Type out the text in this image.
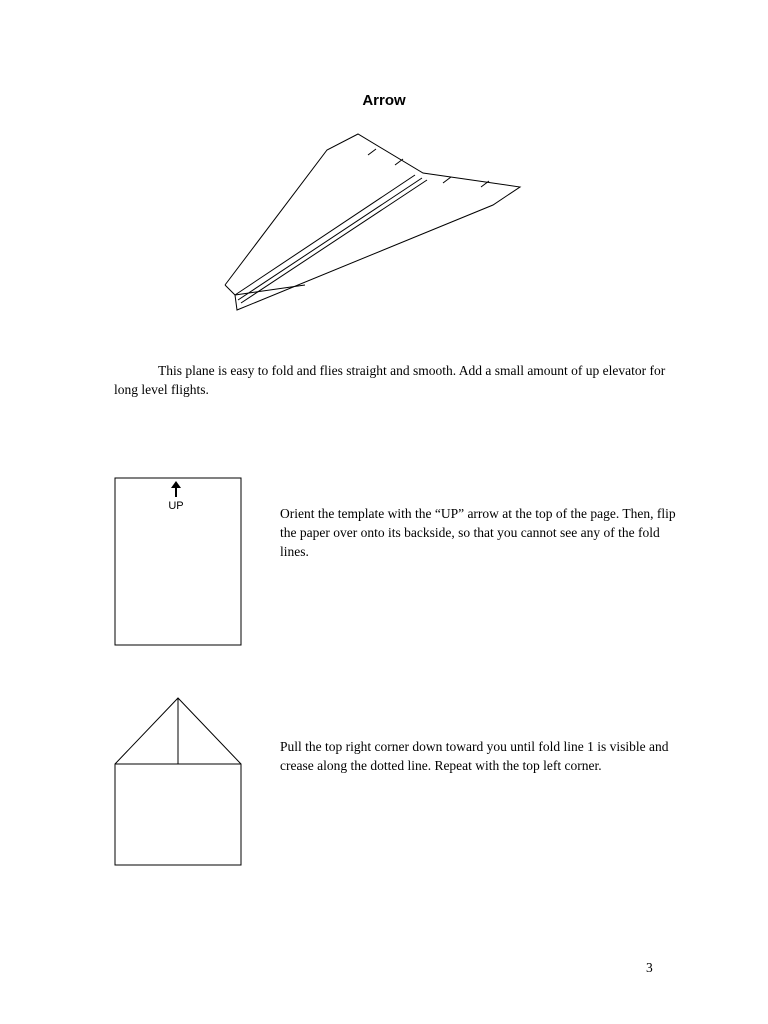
Arrow
This plane is easy to fold and flies straight and smooth. Add a small amount of up elevator for long level flights.
UP	Orient the template with the “UP” arrow at the top of the page. Then, flip the paper over onto its backside, so that you cannot see any of the fold lines.
Pull the top right corner down toward you until fold line 1 is visible and crease along the dotted line. Repeat with the top left corner.
3
